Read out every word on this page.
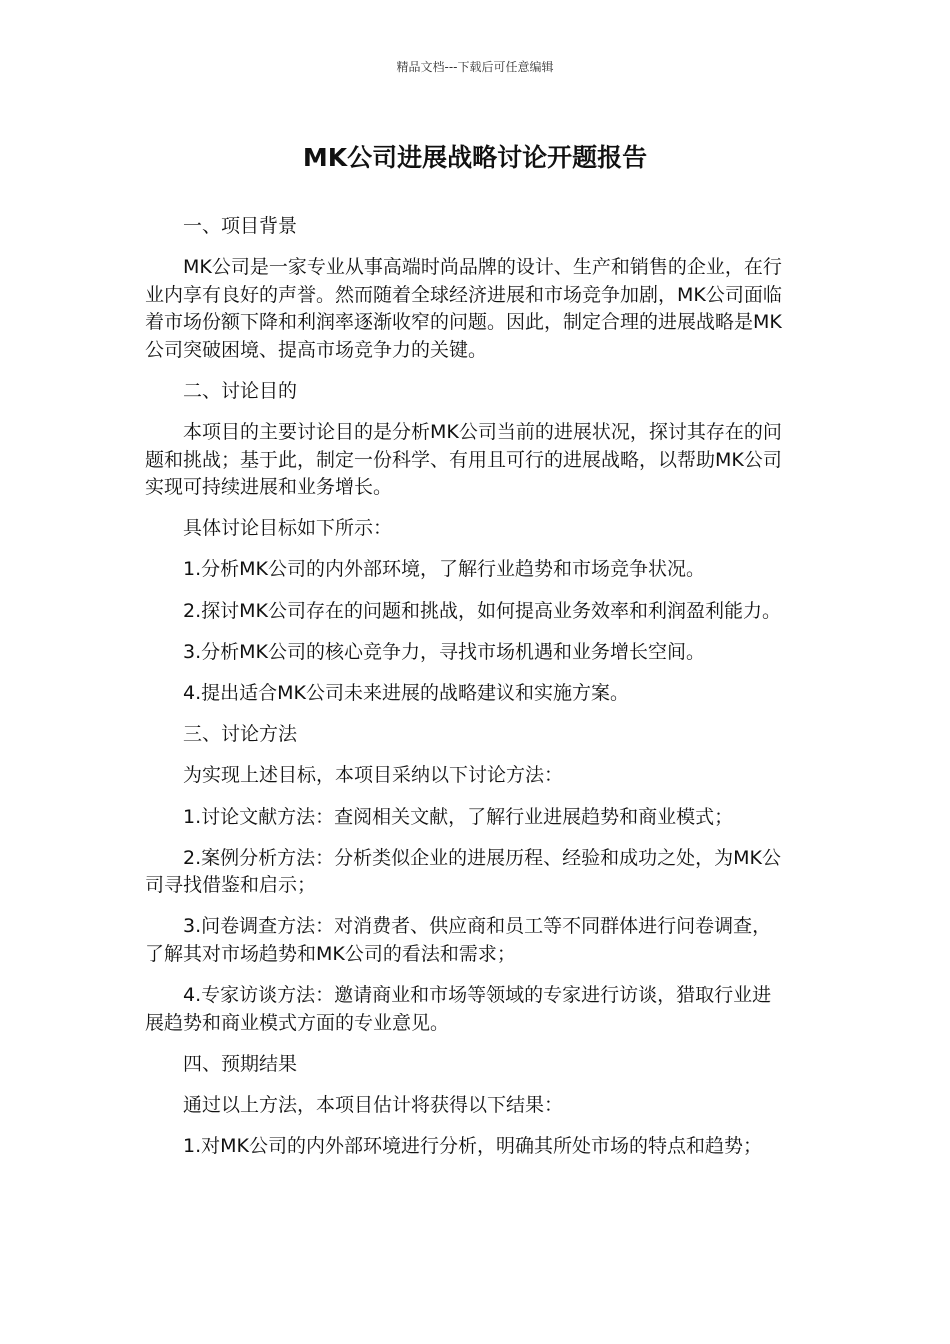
精品文档---下载后可任意编辑
MK公司进展战略讨论开题报告

一、项目背景

MK公司是一家专业从事高端时尚品牌的设计、生产和销售的企业，在行业内享有良好的声誉。然而随着全球经济进展和市场竞争加剧，MK公司面临着市场份额下降和利润率逐渐收窄的问题。因此，制定合理的进展战略是MK公司突破困境、提高市场竞争力的关键。

二、讨论目的

本项目的主要讨论目的是分析MK公司当前的进展状况，探讨其存在的问题和挑战；基于此，制定一份科学、有用且可行的进展战略，以帮助MK公司实现可持续进展和业务增长。

具体讨论目标如下所示：

1.分析MK公司的内外部环境，了解行业趋势和市场竞争状况。

2.探讨MK公司存在的问题和挑战，如何提高业务效率和利润盈利能力。

3.分析MK公司的核心竞争力，寻找市场机遇和业务增长空间。

4.提出适合MK公司未来进展的战略建议和实施方案。

三、讨论方法

为实现上述目标，本项目采纳以下讨论方法：

1.讨论文献方法：查阅相关文献，了解行业进展趋势和商业模式；

2.案例分析方法：分析类似企业的进展历程、经验和成功之处，为MK公司寻找借鉴和启示；

3.问卷调查方法：对消费者、供应商和员工等不同群体进行问卷调查，了解其对市场趋势和MK公司的看法和需求；

4.专家访谈方法：邀请商业和市场等领域的专家进行访谈，猎取行业进展趋势和商业模式方面的专业意见。

四、预期结果

通过以上方法，本项目估计将获得以下结果：

1.对MK公司的内外部环境进行分析，明确其所处市场的特点和趋势；
